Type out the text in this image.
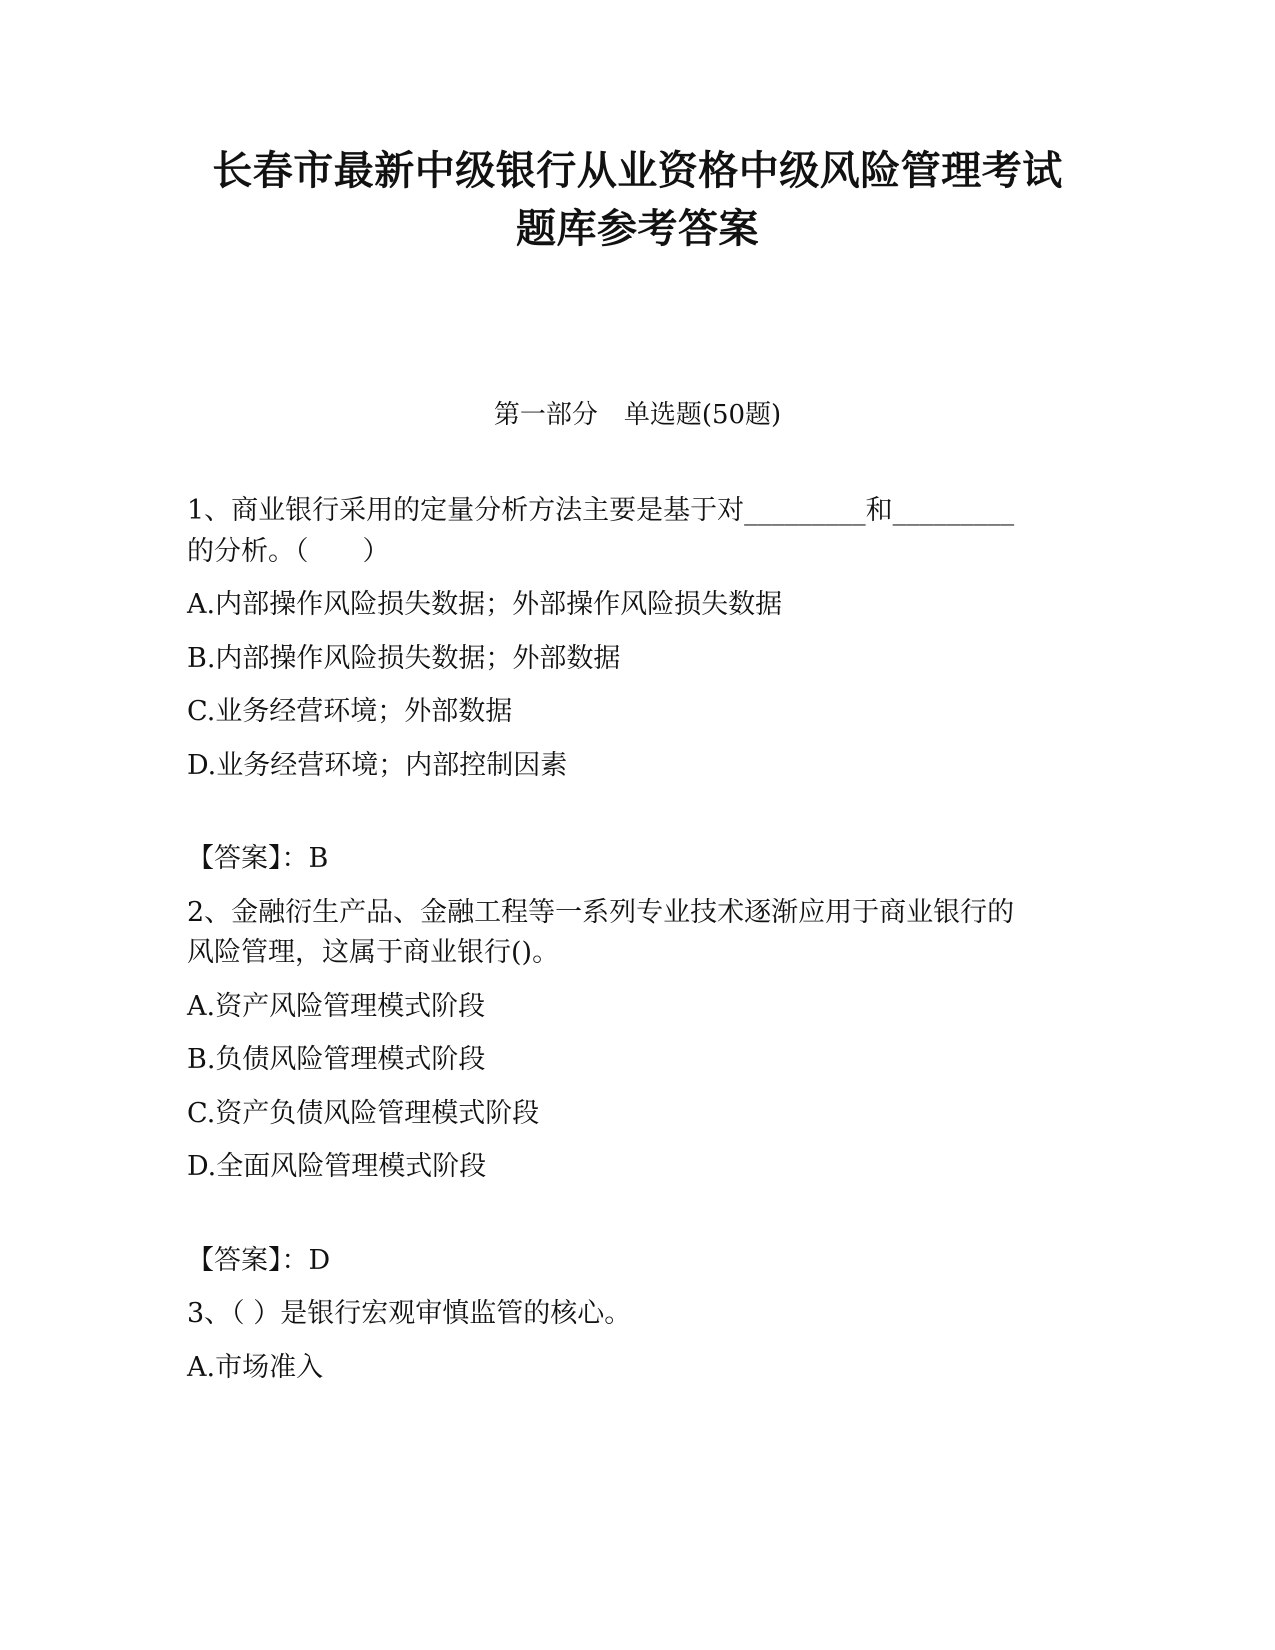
长春市最新中级银行从业资格中级风险管理考试
题库参考答案
第一部分　单选题(50题)
1、商业银行采用的定量分析方法主要是基于对_________和_________
的分析。（　　）
A.内部操作风险损失数据；外部操作风险损失数据
B.内部操作风险损失数据；外部数据
C.业务经营环境；外部数据
D.业务经营环境；内部控制因素
【答案】：B
2、金融衍生产品、金融工程等一系列专业技术逐渐应用于商业银行的
风险管理，这属于商业银行()。
A.资产风险管理模式阶段
B.负债风险管理模式阶段
C.资产负债风险管理模式阶段
D.全面风险管理模式阶段
【答案】：D
3、（ ）是银行宏观审慎监管的核心。
A.市场准入
